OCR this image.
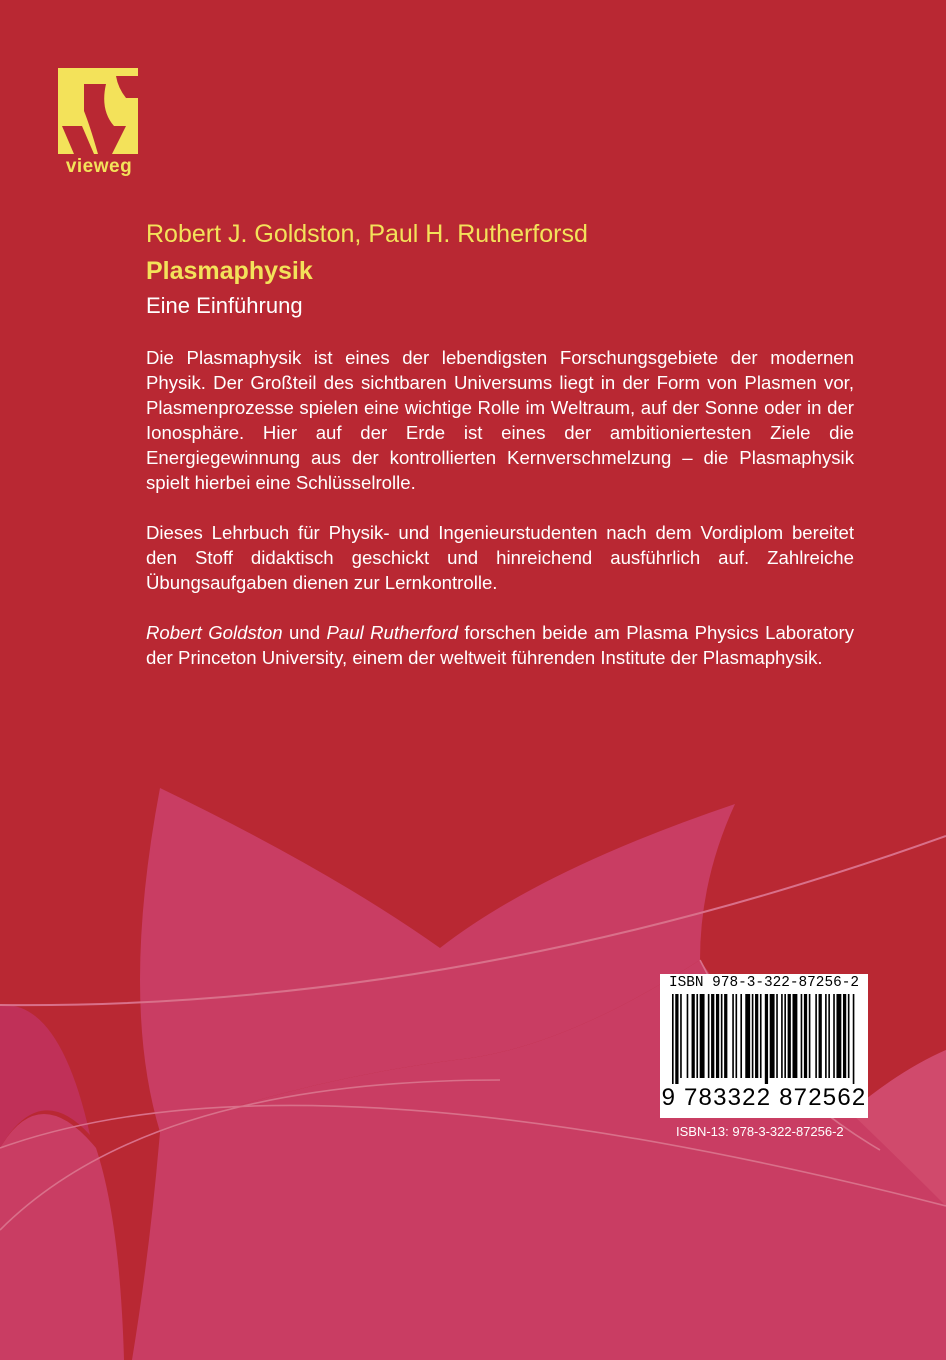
vieweg
Robert J. Goldston, Paul H. Rutherforsd
Plasmaphysik
Eine Einführung

Die Plasmaphysik ist eines der lebendigsten Forschungsgebiete der modernen Physik. Der Großteil des sichtbaren Universums liegt in der Form von Plasmen vor, Plasmenprozesse spielen eine wichtige Rolle im Weltraum, auf der Sonne oder in der Ionosphäre. Hier auf der Erde ist eines der ambitioniertesten Ziele die Energiegewinnung aus der kontrollierten Kernverschmelzung – die Plasmaphysik spielt hierbei eine Schlüsselrolle.

Dieses Lehrbuch für Physik- und Ingenieurstudenten nach dem Vordiplom bereitet den Stoff didaktisch geschickt und hinreichend ausführlich auf. Zahlreiche Übungsaufgaben dienen zur Lernkontrolle.

Robert Goldston und Paul Rutherford forschen beide am Plasma Physics Laboratory der Princeton University, einem der weltweit führenden Institute der Plasmaphysik.

ISBN 978-3-322-87256-2
9 783322 872562
ISBN-13: 978-3-322-87256-2
